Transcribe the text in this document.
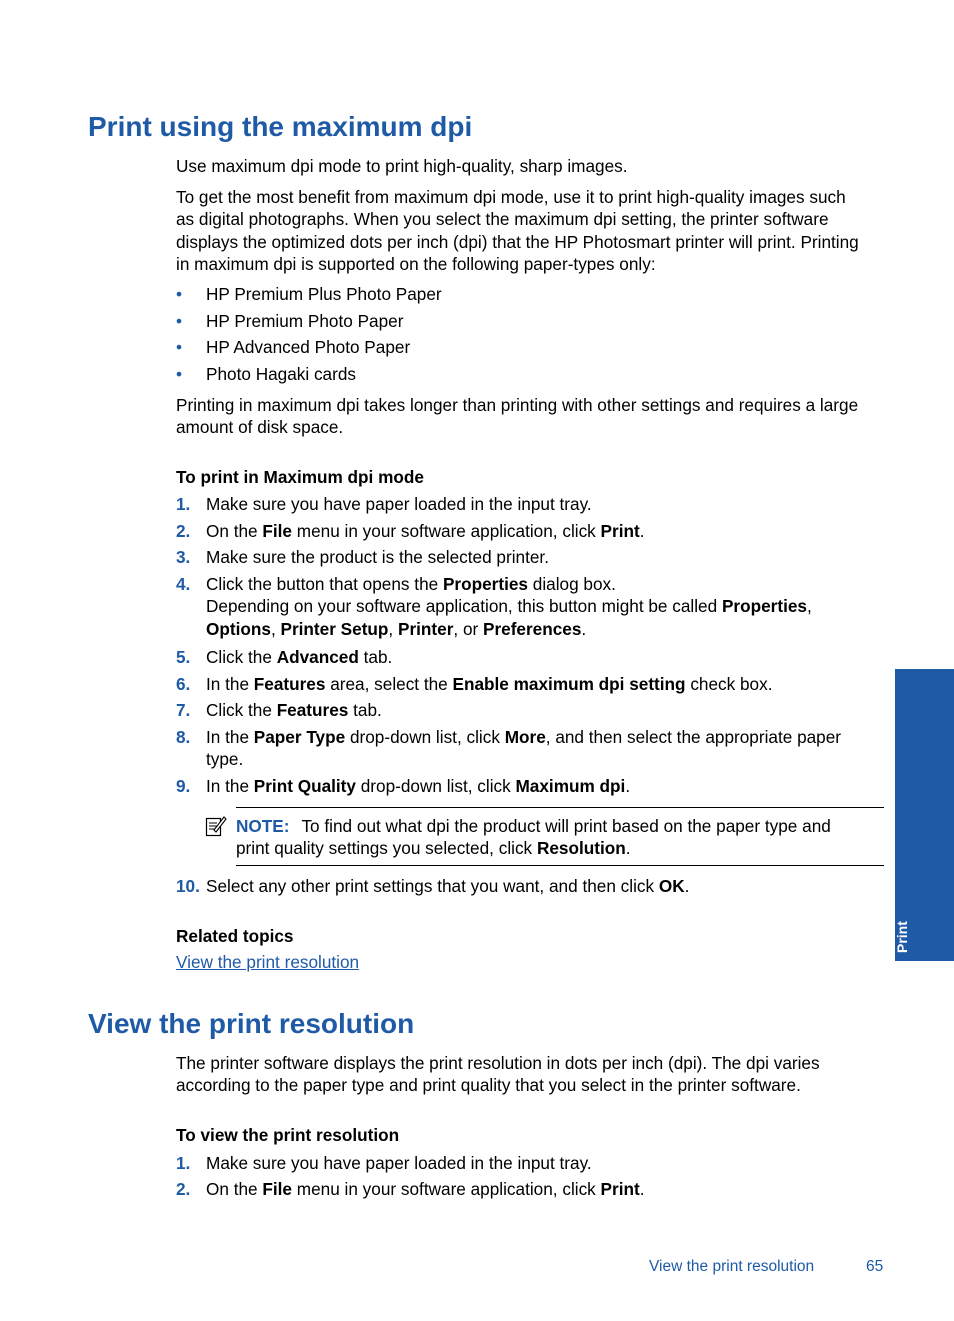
Print using the maximum dpi

Use maximum dpi mode to print high-quality, sharp images.

To get the most benefit from maximum dpi mode, use it to print high-quality images such
as digital photographs. When you select the maximum dpi setting, the printer software
displays the optimized dots per inch (dpi) that the HP Photosmart printer will print. Printing
in maximum dpi is supported on the following paper-types only:

• HP Premium Plus Photo Paper
• HP Premium Photo Paper
• HP Advanced Photo Paper
• Photo Hagaki cards

Printing in maximum dpi takes longer than printing with other settings and requires a large
amount of disk space.

To print in Maximum dpi mode
1. Make sure you have paper loaded in the input tray.
2. On the File menu in your software application, click Print.
3. Make sure the product is the selected printer.
4. Click the button that opens the Properties dialog box.
Depending on your software application, this button might be called Properties,
Options, Printer Setup, Printer, or Preferences.
5. Click the Advanced tab.
6. In the Features area, select the Enable maximum dpi setting check box.
7. Click the Features tab.
8. In the Paper Type drop-down list, click More, and then select the appropriate paper
type.
9. In the Print Quality drop-down list, click Maximum dpi.
NOTE: To find out what dpi the product will print based on the paper type and
print quality settings you selected, click Resolution.
10. Select any other print settings that you want, and then click OK.
Related topics
View the print resolution
View the print resolution

The printer software displays the print resolution in dots per inch (dpi). The dpi varies
according to the paper type and print quality that you select in the printer software.

To view the print resolution
1. Make sure you have paper loaded in the input tray.
2. On the File menu in your software application, click Print.
Print
View the print resolution	65
